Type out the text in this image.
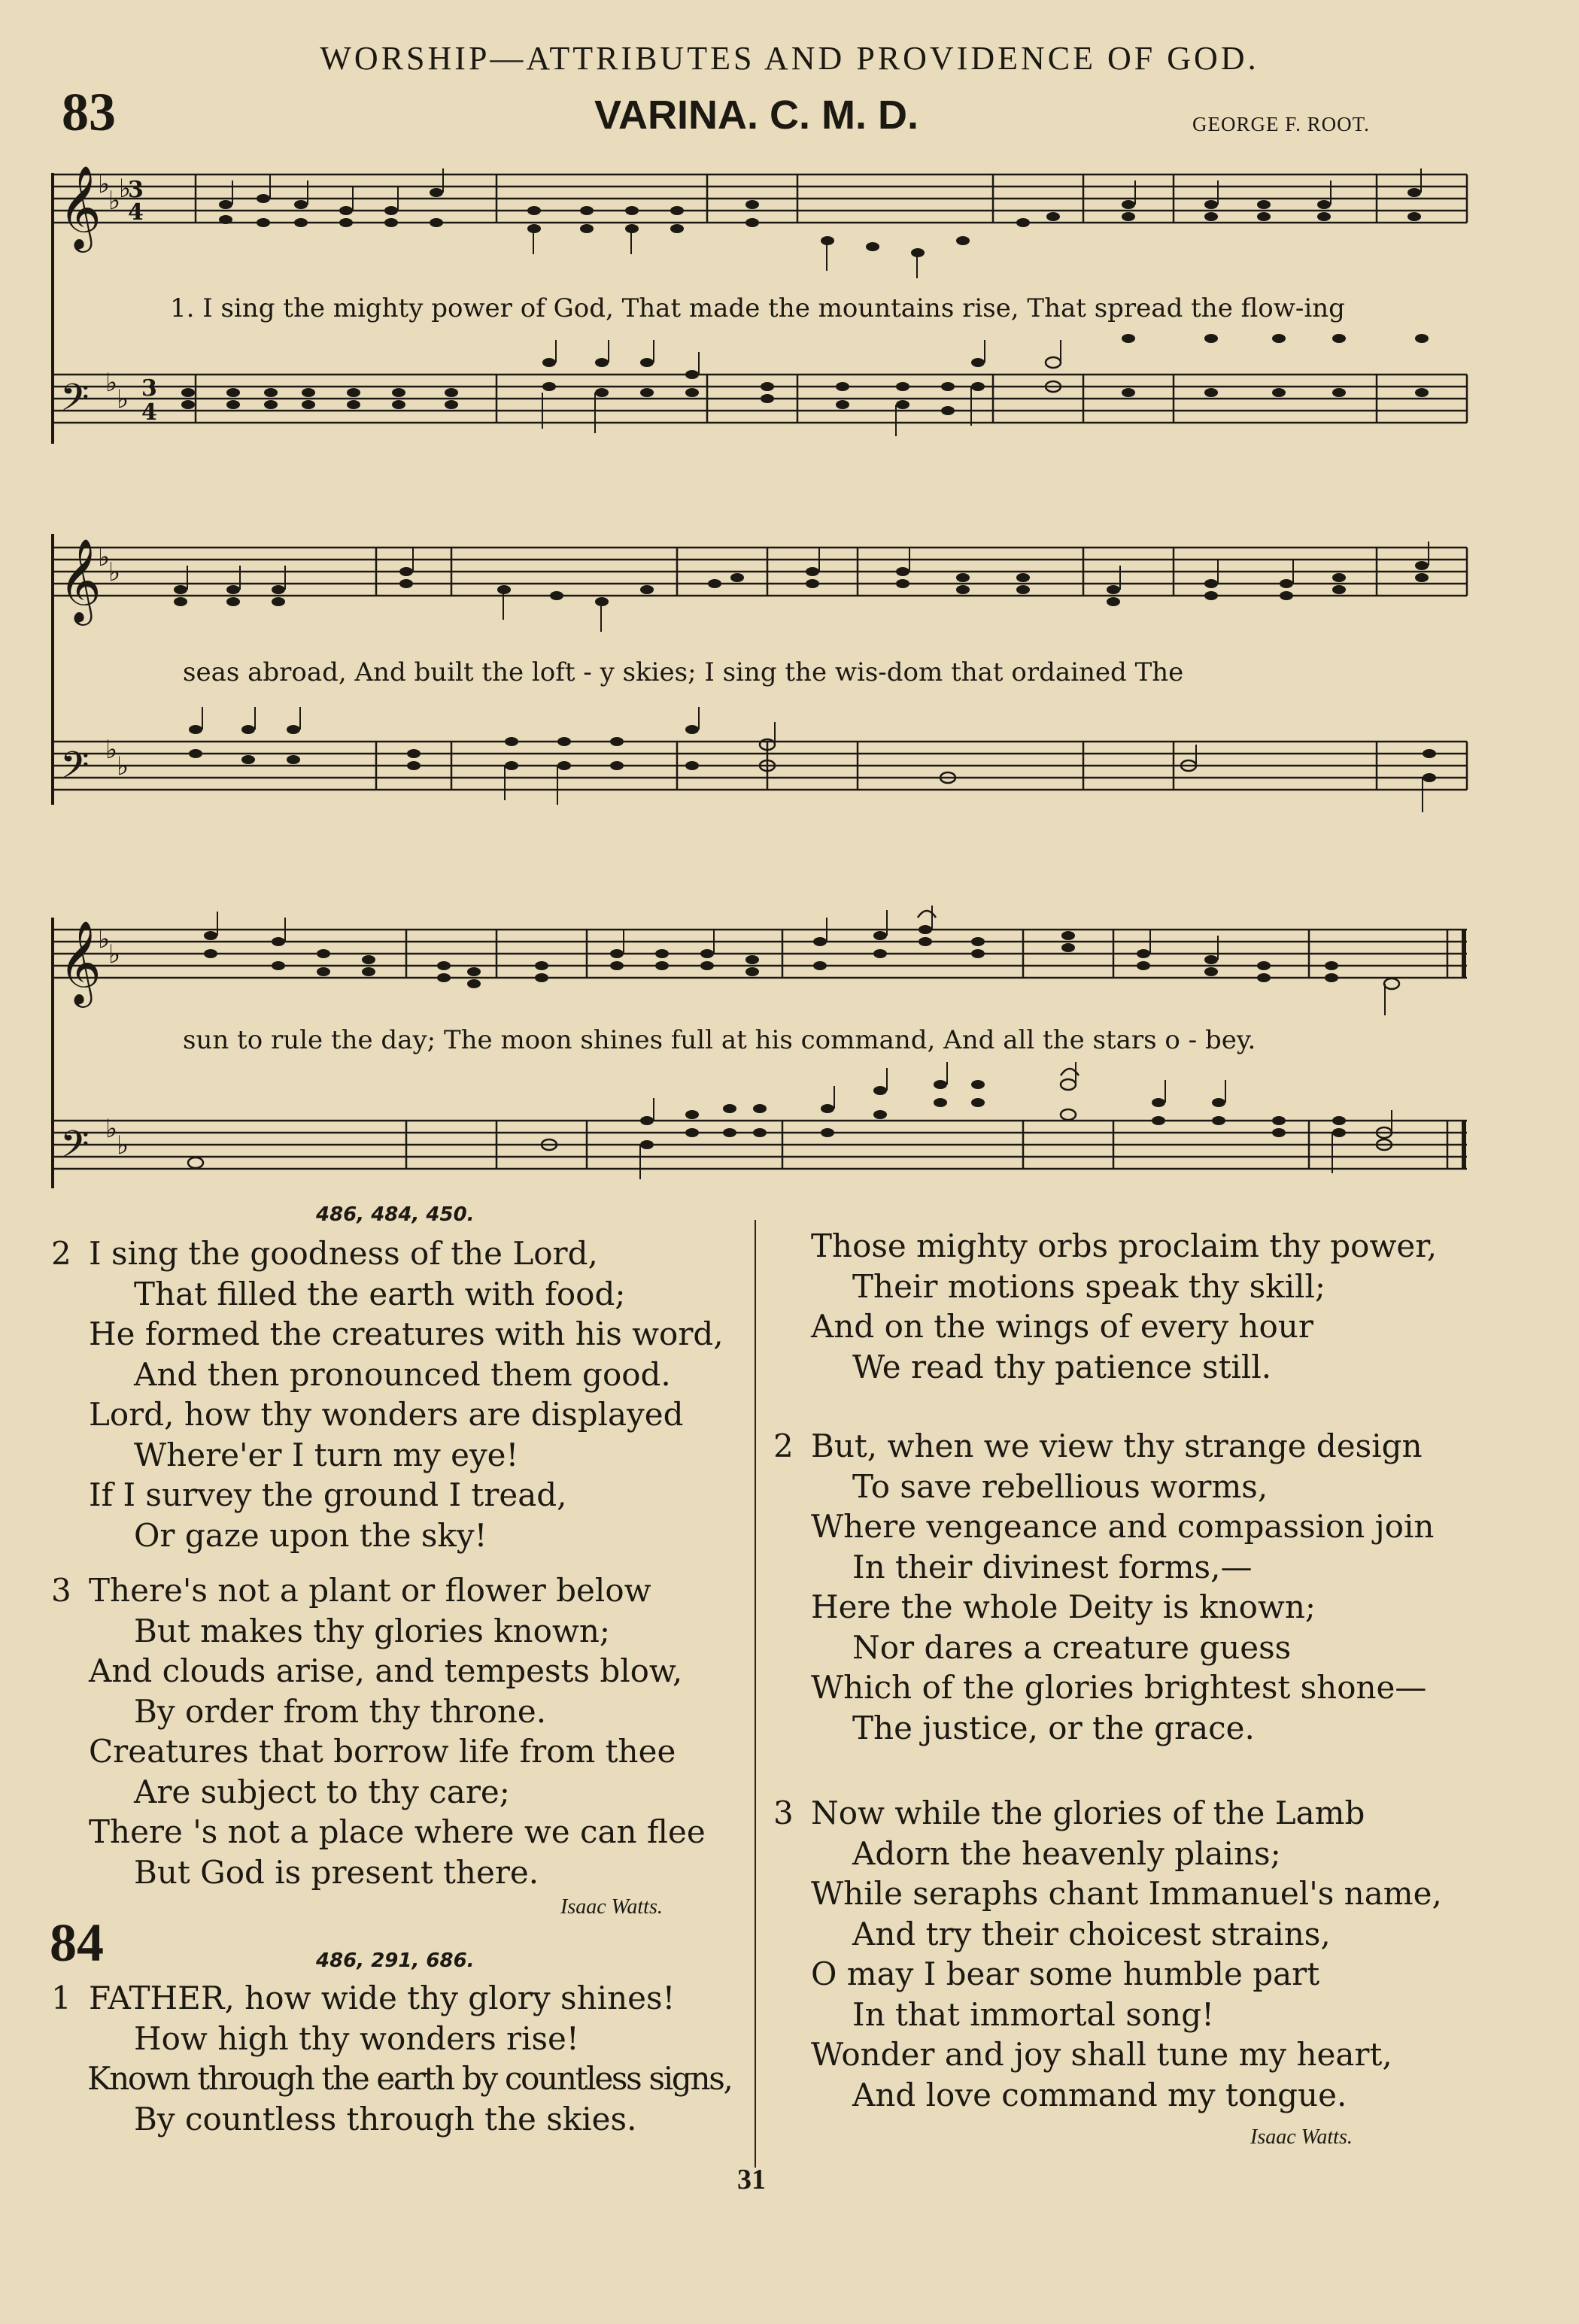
WORSHIP—ATTRIBUTES AND PROVIDENCE OF GOD.
83	VARINA. C. M. D.	GEORGE F. ROOT.
𝄞
𝄢
3
4
3
4
♭
♭
♭
♭
♭
1. I sing the mighty power of God, That made the mountains rise, That spread the flow-ing
𝄞
𝄢
♭
♭
♭
♭
seas abroad, And built the loft - y skies; I sing the wis-dom that ordained The
𝄞
𝄢
♭
♭
♭
♭
sun to rule the day; The moon shines full at his command, And all the stars o - bey.
486, 484, 450.
2 I sing the goodness of the Lord,
That filled the earth with food;
He formed the creatures with his word,
And then pronounced them good.
Lord, how thy wonders are displayed
Where'er I turn my eye!
If I survey the ground I tread,
Or gaze upon the sky!
3 There's not a plant or flower below
But makes thy glories known;
And clouds arise, and tempests blow,
By order from thy throne.
Creatures that borrow life from thee
Are subject to thy care;
There 's not a place where we can flee
But God is present there.
Isaac Watts.
84	486, 291, 686.
1 FATHER, how wide thy glory shines!
How high thy wonders rise!
Known through the earth by countless signs,
By countless through the skies.
Those mighty orbs proclaim thy power,
Their motions speak thy skill;
And on the wings of every hour
We read thy patience still.
2 But, when we view thy strange design
To save rebellious worms,
Where vengeance and compassion join
In their divinest forms,—
Here the whole Deity is known;
Nor dares a creature guess
Which of the glories brightest shone—
The justice, or the grace.
3 Now while the glories of the Lamb
Adorn the heavenly plains;
While seraphs chant Immanuel's name,
And try their choicest strains,
O may I bear some humble part
In that immortal song!
Wonder and joy shall tune my heart,
And love command my tongue.
Isaac Watts.
31
